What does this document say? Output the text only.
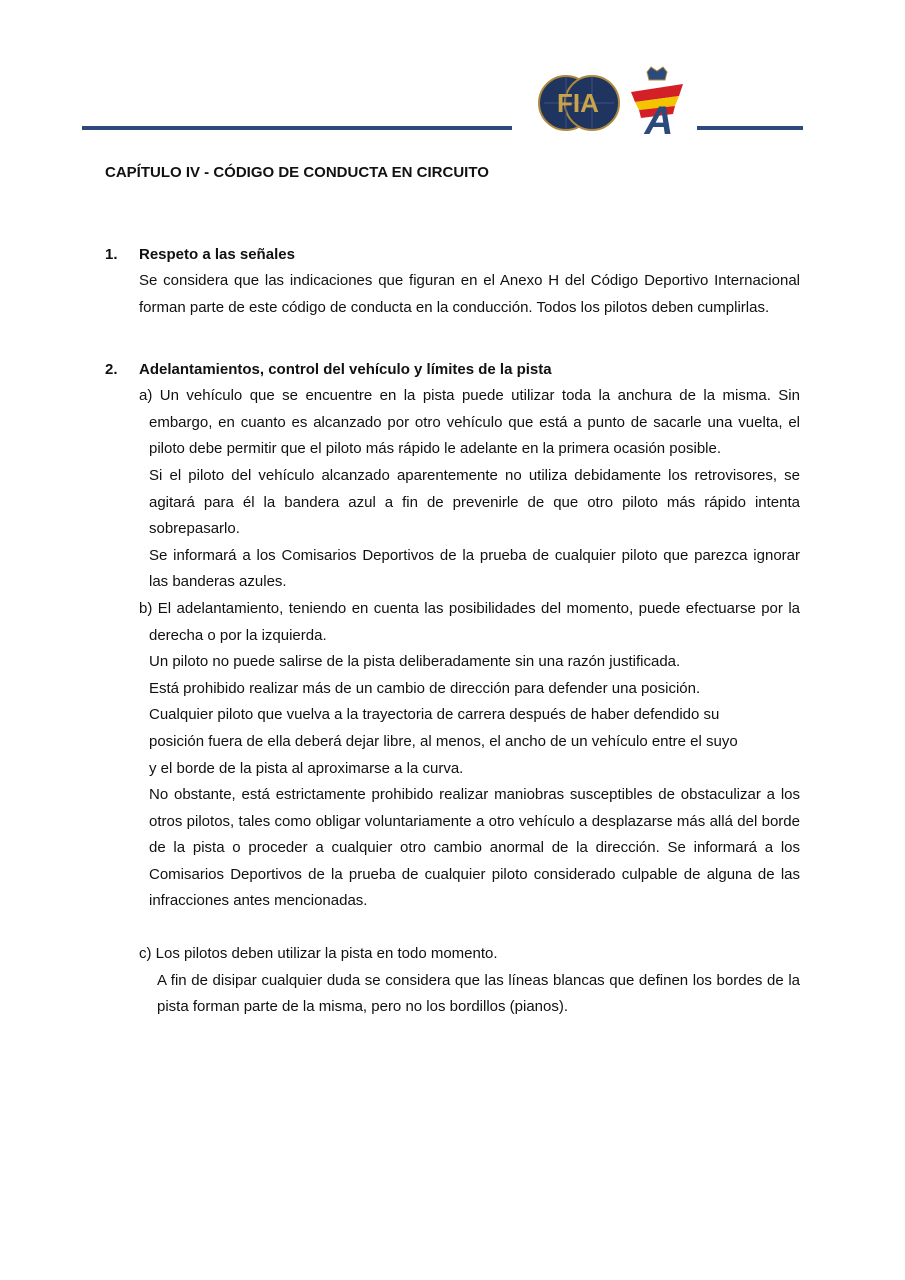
FIA A

CAPÍTULO IV - CÓDIGO DE CONDUCTA EN CIRCUITO

1.	Respeto a las señales

Se considera que las indicaciones que figuran en el Anexo H del Código Deportivo Internacional forman parte de este código de conducta en la conducción. Todos los pilotos deben cumplirlas.

2.	Adelantamientos, control del vehículo y límites de la pista

a) Un vehículo que se encuentre en la pista puede utilizar toda la anchura de la misma. Sin embargo, en cuanto es alcanzado por otro vehículo que está a punto de sacarle una vuelta, el piloto debe permitir que el piloto más rápido le adelante en la primera ocasión posible.

Si el piloto del vehículo alcanzado aparentemente no utiliza debidamente los retrovisores, se agitará para él la bandera azul a fin de prevenirle de que otro piloto más rápido intenta sobrepasarlo.

Se informará a los Comisarios Deportivos de la prueba de cualquier piloto que parezca ignorar las banderas azules.

b) El adelantamiento, teniendo en cuenta las posibilidades del momento, puede efectuarse por la derecha o por la izquierda.

Un piloto no puede salirse de la pista deliberadamente sin una razón justificada.

Está prohibido realizar más de un cambio de dirección para defender una posición.

Cualquier piloto que vuelva a la trayectoria de carrera después de haber defendido su

posición fuera de ella deberá dejar libre, al menos, el ancho de un vehículo entre el suyo

y el borde de la pista al aproximarse a la curva.

No obstante, está estrictamente prohibido realizar maniobras susceptibles de obstaculizar a los otros pilotos, tales como obligar voluntariamente a otro vehículo a desplazarse más allá del borde de la pista o proceder a cualquier otro cambio anormal de la dirección. Se informará a los Comisarios Deportivos de la prueba de cualquier piloto considerado culpable de alguna de las infracciones antes mencionadas.

c) Los pilotos deben utilizar la pista en todo momento.

A fin de disipar cualquier duda se considera que las líneas blancas que definen los bordes de la pista forman parte de la misma, pero no los bordillos (pianos).
